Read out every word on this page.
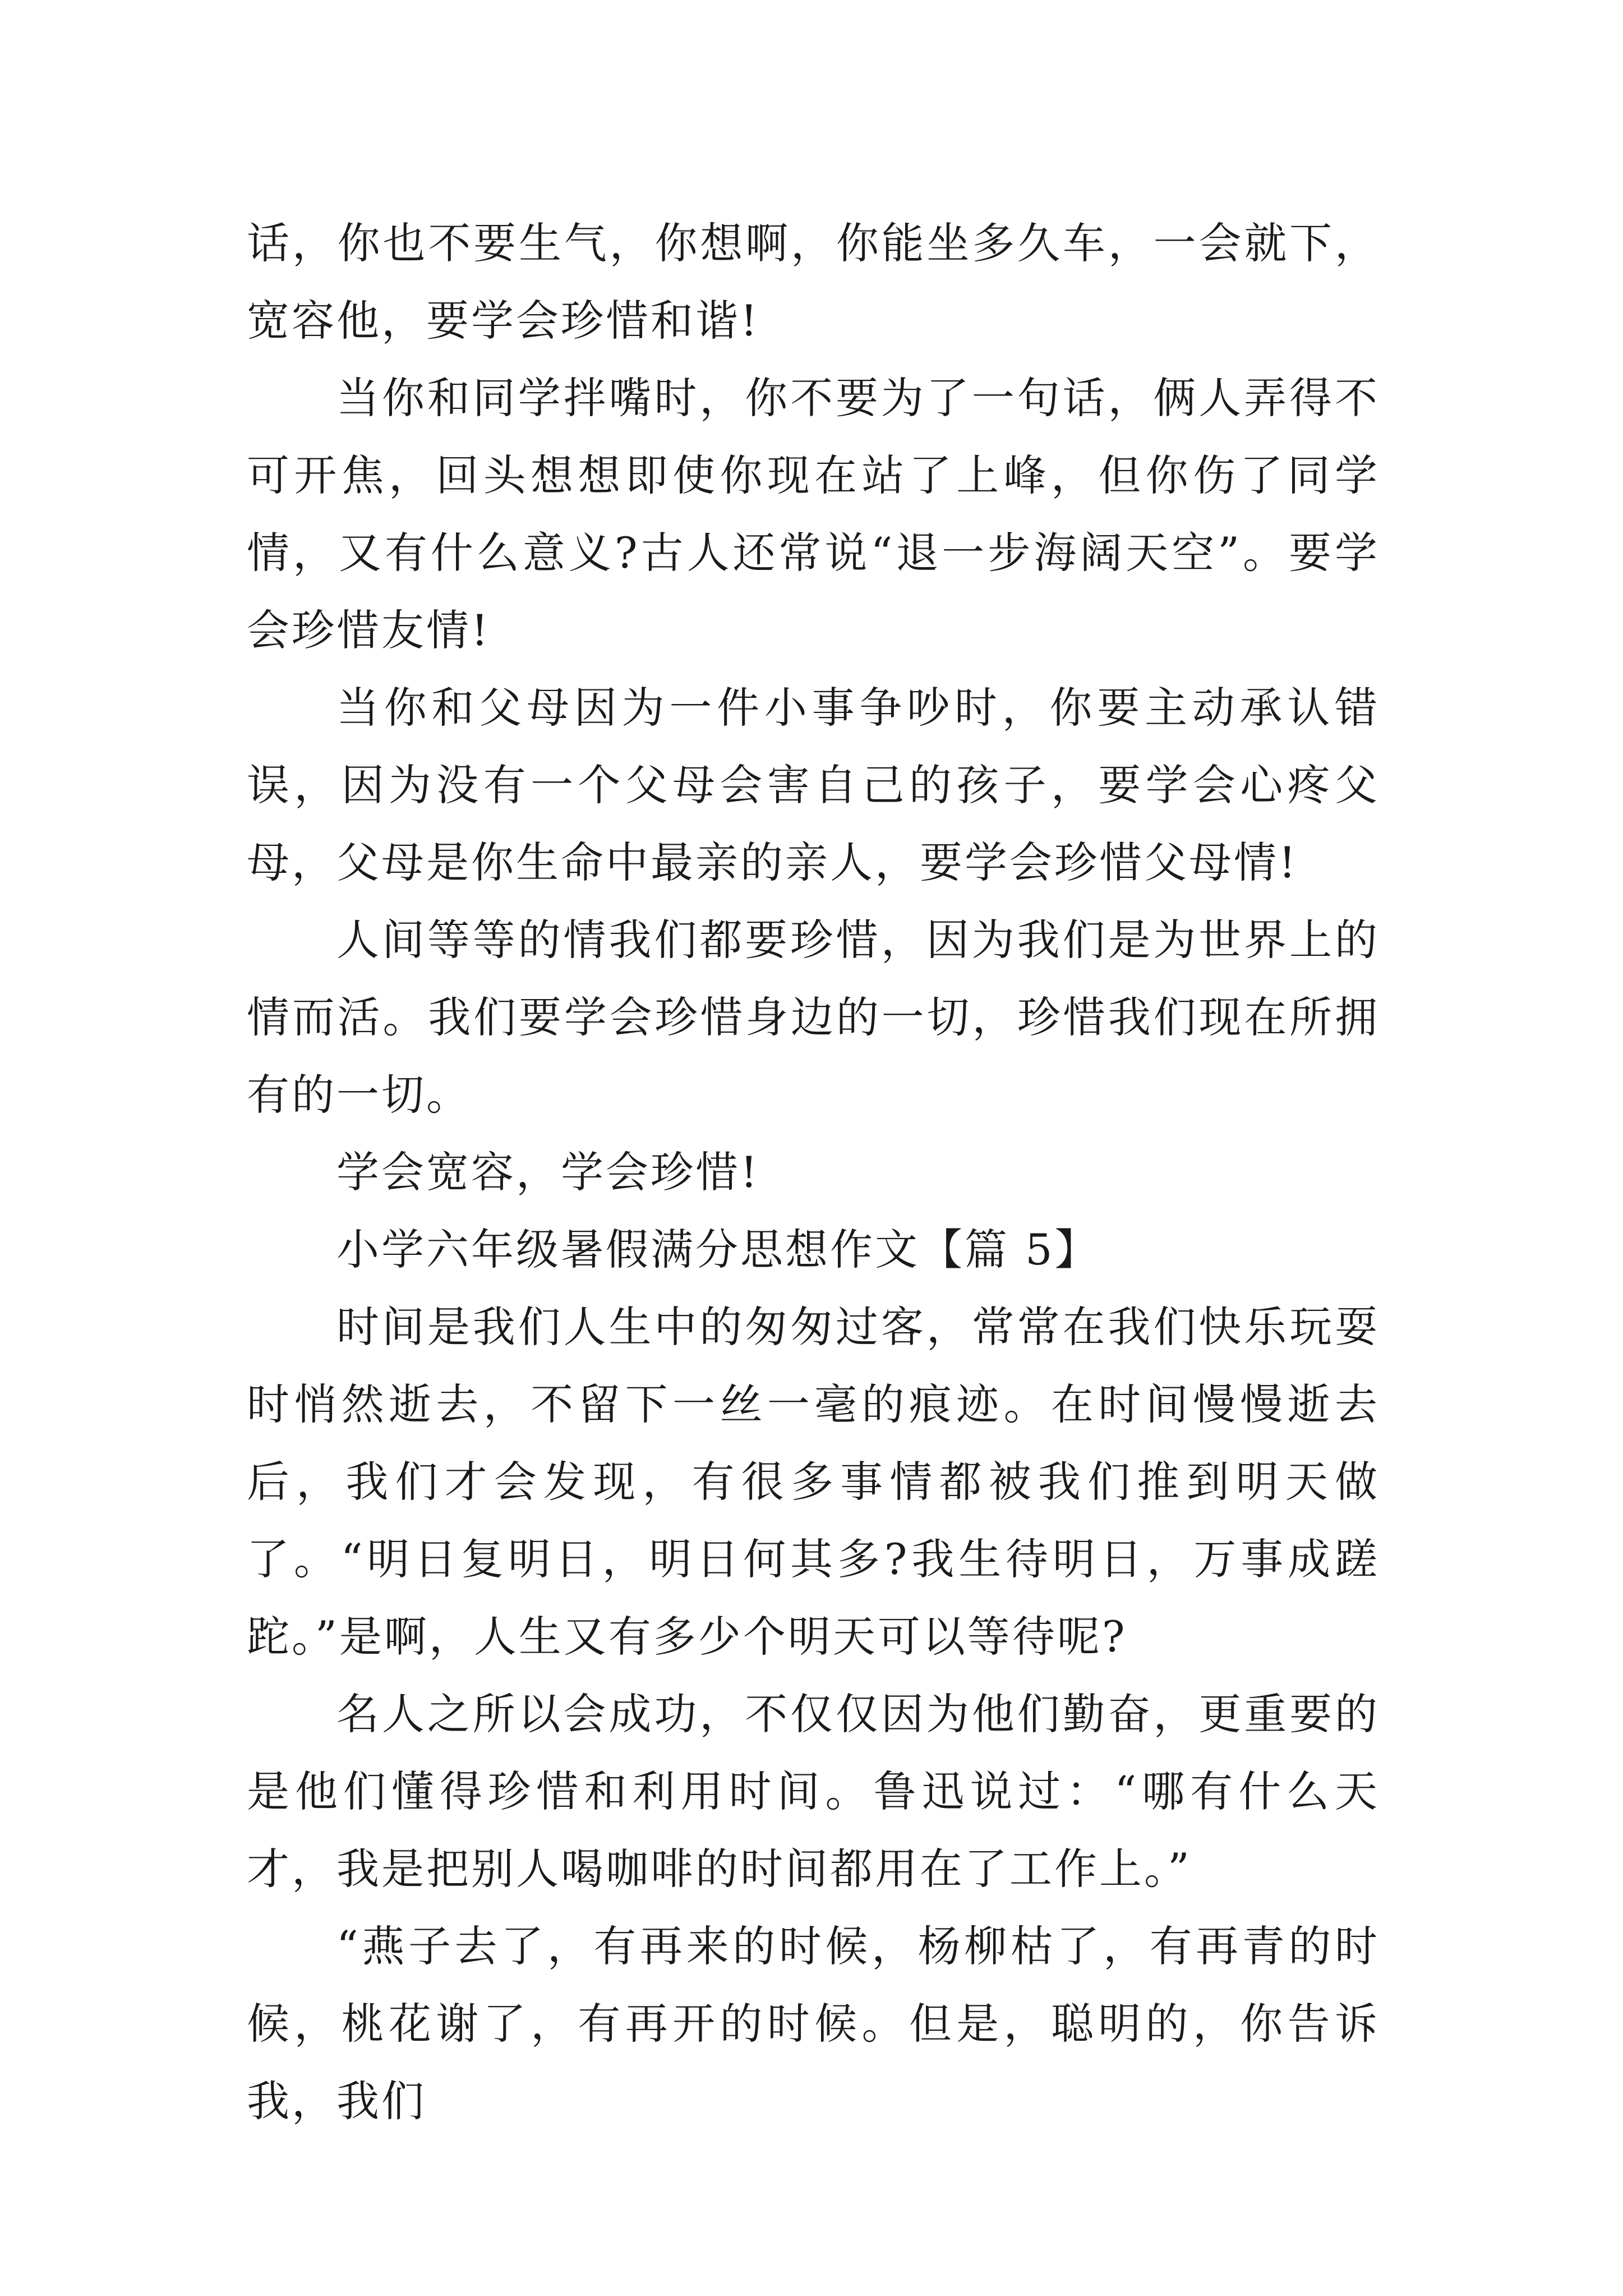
话，你也不要生气，你想啊，你能坐多久车，一会就下，宽容他，要学会珍惜和谐!

当你和同学拌嘴时，你不要为了一句话，俩人弄得不可开焦，回头想想即使你现在站了上峰，但你伤了同学情，又有什么意义?古人还常说“退一步海阔天空”。要学会珍惜友情!

当你和父母因为一件小事争吵时，你要主动承认错误，因为没有一个父母会害自己的孩子，要学会心疼父母，父母是你生命中最亲的亲人，要学会珍惜父母情!

人间等等的情我们都要珍惜，因为我们是为世界上的情而活。我们要学会珍惜身边的一切，珍惜我们现在所拥有的一切。

学会宽容，学会珍惜!

小学六年级暑假满分思想作文【篇 5】

时间是我们人生中的匆匆过客，常常在我们快乐玩耍时悄然逝去，不留下一丝一毫的痕迹。在时间慢慢逝去后，我们才会发现，有很多事情都被我们推到明天做了。“明日复明日，明日何其多?我生待明日，万事成蹉跎。”是啊，人生又有多少个明天可以等待呢?

名人之所以会成功，不仅仅因为他们勤奋，更重要的是他们懂得珍惜和利用时间。鲁迅说过：“哪有什么天才，我是把别人喝咖啡的时间都用在了工作上。”

“燕子去了，有再来的时候，杨柳枯了，有再青的时候，桃花谢了，有再开的时候。但是，聪明的，你告诉我，我们
